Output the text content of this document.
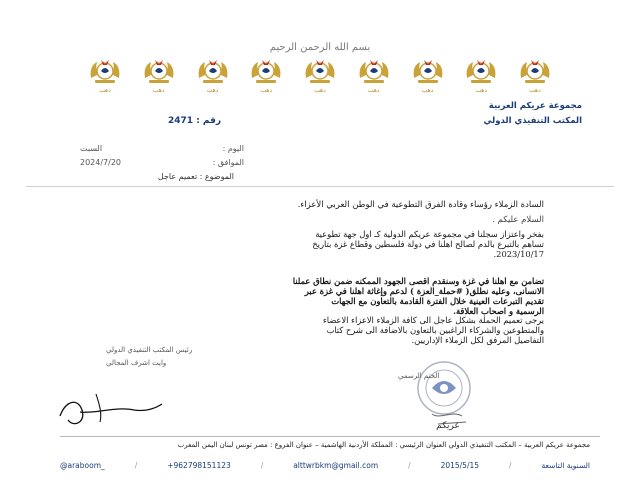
بسم الله الرحمن الرحيم
دهب	دهب	دهب	دهب	دهب	دهب	دهب	دهب	دهب
مجموعة عريكم العربية
المكتب التنفيذي الدولي
رقم : 2471
اليوم :
السبت
الموافق :
2024/7/20
الموضوع : تعميم عاجل
السادة الزملاء رؤساء وقادة الفرق التطوعية في الوطن العربي الأعزاء.
السلام عليكم .
بفخر واعتزاز سجلنا في مجموعة عريكم الدولية كـ اول جهة تطوعية
تساهم بالتبرع بالدم لصالح اهلنا في دولة فلسطين وقطاع غزة بتاريخ
2023/10/17.
تضامن مع اهلنا في غزة وسنقدم اقصى الجهود الممكنه ضمن نطاق عملنا
الانسانى، وعليه نطلق( #حملة_العزة ) لدعم وإغاثة اهلنا في غزة عبر
تقديم التبرعات العينية خلال الفترة القادمة بالتعاون مع الجهات
الرسمية و اصحاب العلاقة.
يرجى تعميم الحملة بشكل عاجل الى كافة الزملاء الاعزاء الاعضاء
والمتطوعين والشركاء الراغبين بالتعاون بالاضافة الى شرح كتاب
التفاصيل المرفق لكل الزملاء الإداريين.
رئيس المكتب التنفيذي الدولي
وايت اشرف المجالي
عريكم
الختم الرسمي
مجموعة عريكم العربية – المكتب التنفيذي الدولي العنوان الرئيسي : المملكة الأردنية الهاشمية – عنوان الفروع : مصر تونس لبنان اليمن المغرب
@araboom_	/	+962798151123	/	alttwrbkm@gmail.com	/	2015/5/15	/	السنوية التاسعة
